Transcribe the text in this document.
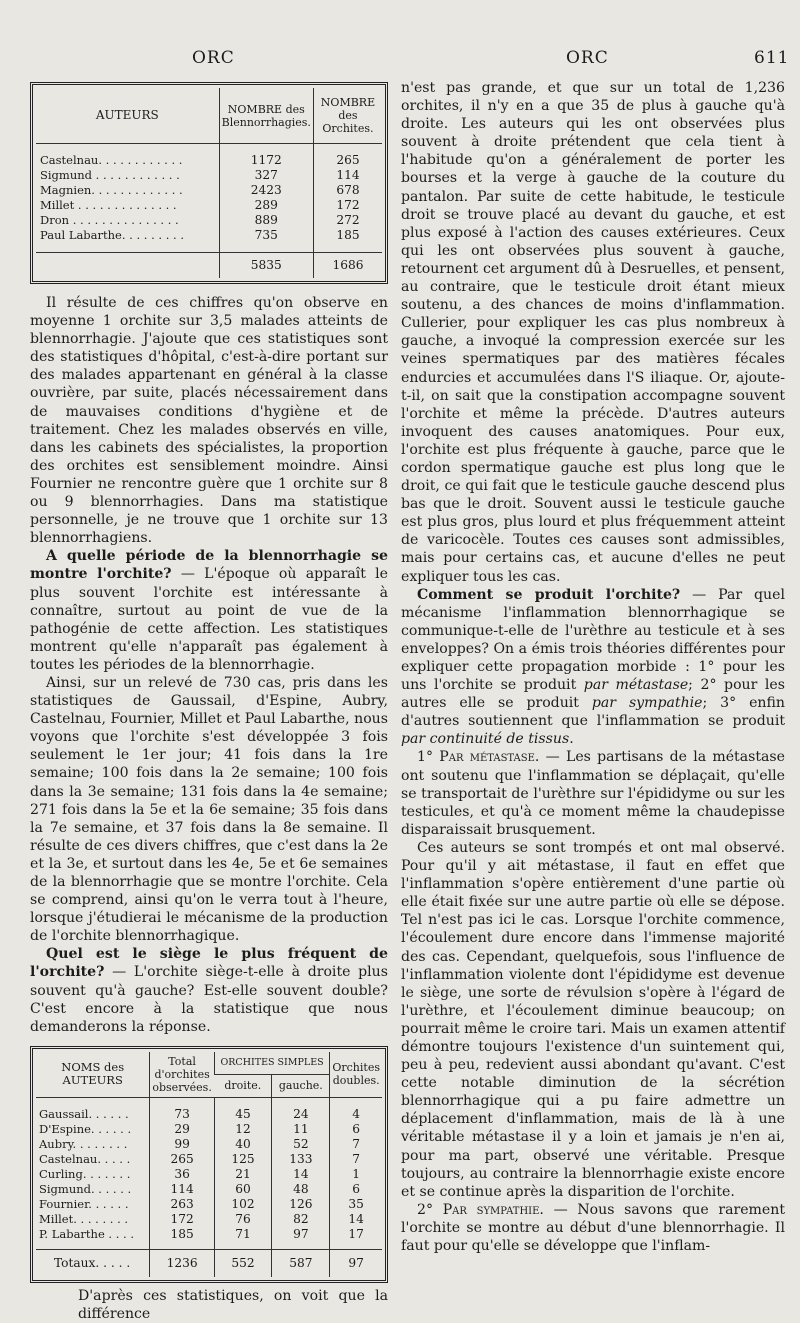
ORC	ORC	611
AUTEURS	NOMBRE des Blennorrhagies.	NOMBRE des Orchites.
Castelnau. . . . . . . . . . . .	1172	265
Sigmund . . . . . . . . . . . .	327	114
Magnien. . . . . . . . . . . . .	2423	678
Millet . . . . . . . . . . . . . .	289	172
Dron . . . . . . . . . . . . . . .	889	272
Paul Labarthe. . . . . . . . .	735	185
	5835	1686

Il résulte de ces chiffres qu'on observe en moyenne 1 orchite sur 3,5 malades atteints de blennorrhagie. J'ajoute que ces statistiques sont des statistiques d'hôpital, c'est-à-dire portant sur des malades appartenant en général à la classe ouvrière, par suite, placés nécessairement dans de mauvaises conditions d'hygiène et de traitement. Chez les malades observés en ville, dans les cabinets des spécialistes, la proportion des orchites est sensiblement moindre. Ainsi Fournier ne rencontre guère que 1 orchite sur 8 ou 9 blennorrhagies. Dans ma statistique personnelle, je ne trouve que 1 orchite sur 13 blennorrhagiens.

A quelle période de la blennorrhagie se montre l'orchite? — L'époque où apparaît le plus souvent l'orchite est intéressante à connaître, surtout au point de vue de la pathogénie de cette affection. Les statistiques montrent qu'elle n'apparaît pas également à toutes les périodes de la blennorrhagie.

Ainsi, sur un relevé de 730 cas, pris dans les statistiques de Gaussail, d'Espine, Aubry, Castelnau, Fournier, Millet et Paul Labarthe, nous voyons que l'orchite s'est développée 3 fois seulement le 1er jour; 41 fois dans la 1re semaine; 100 fois dans la 2e semaine; 100 fois dans la 3e semaine; 131 fois dans la 4e semaine; 271 fois dans la 5e et la 6e semaine; 35 fois dans la 7e semaine, et 37 fois dans la 8e semaine. Il résulte de ces divers chiffres, que c'est dans la 2e et la 3e, et surtout dans les 4e, 5e et 6e semaines de la blennorrhagie que se montre l'orchite. Cela se comprend, ainsi qu'on le verra tout à l'heure, lorsque j'étudierai le mécanisme de la production de l'orchite blennorrhagique.

Quel est le siège le plus fréquent de l'orchite? — L'orchite siège-t-elle à droite plus souvent qu'à gauche? Est-elle souvent double? C'est encore à la statistique que nous demanderons la réponse.

NOMS des AUTEURS	Total d'orchites observées.	ORCHITES SIMPLES		Orchites doubles.
		droite.	gauche.	
Gaussail. . . . . .	73	45	24	4
D'Espine. . . . . .	29	12	11	6
Aubry. . . . . . . .	99	40	52	7
Castelnau. . . . .	265	125	133	7
Curling. . . . . . .	36	21	14	1
Sigmund. . . . . .	114	60	48	6
Fournier. . . . . .	263	102	126	35
Millet. . . . . . . .	172	76	82	14
P. Labarthe . . . .	185	71	97	17
Totaux. . . . .	1236	552	587	97

D'après ces statistiques, on voit que la différence

n'est pas grande, et que sur un total de 1,236 orchites, il n'y en a que 35 de plus à gauche qu'à droite. Les auteurs qui les ont observées plus souvent à droite prétendent que cela tient à l'habitude qu'on a généralement de porter les bourses et la verge à gauche de la couture du pantalon. Par suite de cette habitude, le testicule droit se trouve placé au devant du gauche, et est plus exposé à l'action des causes extérieures. Ceux qui les ont observées plus souvent à gauche, retournent cet argument dû à Desruelles, et pensent, au contraire, que le testicule droit étant mieux soutenu, a des chances de moins d'inflammation. Cullerier, pour expliquer les cas plus nombreux à gauche, a invoqué la compression exercée sur les veines spermatiques par des matières fécales endurcies et accumulées dans l'S iliaque. Or, ajoute-t-il, on sait que la constipation accompagne souvent l'orchite et même la précède. D'autres auteurs invoquent des causes anatomiques. Pour eux, l'orchite est plus fréquente à gauche, parce que le cordon spermatique gauche est plus long que le droit, ce qui fait que le testicule gauche descend plus bas que le droit. Souvent aussi le testicule gauche est plus gros, plus lourd et plus fréquemment atteint de varicocèle. Toutes ces causes sont admissibles, mais pour certains cas, et aucune d'elles ne peut expliquer tous les cas.

Comment se produit l'orchite? — Par quel mécanisme l'inflammation blennorrhagique se communique-t-elle de l'urèthre au testicule et à ses enveloppes? On a émis trois théories différentes pour expliquer cette propagation morbide : 1° pour les uns l'orchite se produit par métastase; 2° pour les autres elle se produit par sympathie; 3° enfin d'autres soutiennent que l'inflammation se produit par continuité de tissus.

1° Par métastase. — Les partisans de la métastase ont soutenu que l'inflammation se déplaçait, qu'elle se transportait de l'urèthre sur l'épididyme ou sur les testicules, et qu'à ce moment même la chaudepisse disparaissait brusquement.

Ces auteurs se sont trompés et ont mal observé. Pour qu'il y ait métastase, il faut en effet que l'inflammation s'opère entièrement d'une partie où elle était fixée sur une autre partie où elle se dépose. Tel n'est pas ici le cas. Lorsque l'orchite commence, l'écoulement dure encore dans l'immense majorité des cas. Cependant, quelquefois, sous l'influence de l'inflammation violente dont l'épididyme est devenue le siège, une sorte de révulsion s'opère à l'égard de l'urèthre, et l'écoulement diminue beaucoup; on pourrait même le croire tari. Mais un examen attentif démontre toujours l'existence d'un suintement qui, peu à peu, redevient aussi abondant qu'avant. C'est cette notable diminution de la sécrétion blennorrhagique qui a pu faire admettre un déplacement d'inflammation, mais de là à une véritable métastase il y a loin et jamais je n'en ai, pour ma part, observé une véritable. Presque toujours, au contraire la blennorrhagie existe encore et se continue après la disparition de l'orchite.

2° Par sympathie. — Nous savons que rarement l'orchite se montre au début d'une blennorrhagie. Il faut pour qu'elle se développe que l'inflam-
